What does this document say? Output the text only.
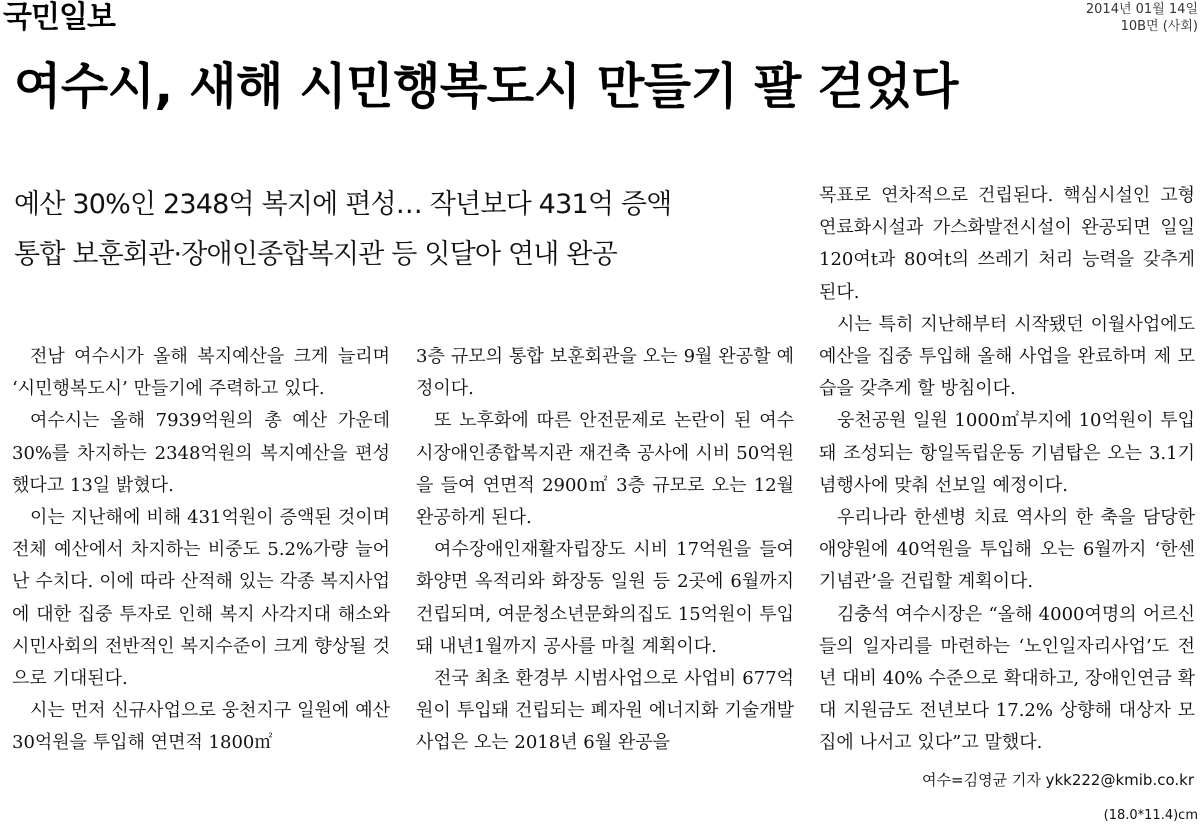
국민일보	2014년 01월 14일
10B면 (사회)
여수시, 새해 시민행복도시 만들기 팔 걷었다
예산 30%인 2348억 복지에 편성… 작년보다 431억 증액
통합 보훈회관·장애인종합복지관 등 잇달아 연내 완공

전남 여수시가 올해 복지예산을 크게 늘리며 ‘시민행복도시’ 만들기에 주력하고 있다.

여수시는 올해 7939억원의 총 예산 가운데 30%를 차지하는 2348억원의 복지예산을 편성했다고 13일 밝혔다.

이는 지난해에 비해 431억원이 증액된 것이며 전체 예산에서 차지하는 비중도 5.2%가량 늘어난 수치다. 이에 따라 산적해 있는 각종 복지사업에 대한 집중 투자로 인해 복지 사각지대 해소와 시민사회의 전반적인 복지수준이 크게 향상될 것으로 기대된다.

시는 먼저 신규사업으로 웅천지구 일원에 예산 30억원을 투입해 연면적 1800㎡

3층 규모의 통합 보훈회관을 오는 9월 완공할 예정이다.

또 노후화에 따른 안전문제로 논란이 된 여수시장애인종합복지관 재건축 공사에 시비 50억원을 들여 연면적 2900㎡ 3층 규모로 오는 12월 완공하게 된다.

여수장애인재활자립장도 시비 17억원을 들여 화양면 옥적리와 화장동 일원 등 2곳에 6월까지 건립되며, 여문청소년문화의집도 15억원이 투입돼 내년1월까지 공사를 마칠 계획이다.

전국 최초 환경부 시범사업으로 사업비 677억원이 투입돼 건립되는 폐자원 에너지화 기술개발사업은 오는 2018년 6월 완공을

목표로 연차적으로 건립된다. 핵심시설인 고형연료화시설과 가스화발전시설이 완공되면 일일 120여t과 80여t의 쓰레기 처리 능력을 갖추게 된다.

시는 특히 지난해부터 시작됐던 이월사업에도 예산을 집중 투입해 올해 사업을 완료하며 제 모습을 갖추게 할 방침이다.

웅천공원 일원 1000㎡부지에 10억원이 투입돼 조성되는 항일독립운동 기념탑은 오는 3.1기념행사에 맞춰 선보일 예정이다.

우리나라 한센병 치료 역사의 한 축을 담당한 애양원에 40억원을 투입해 오는 6월까지 ‘한센기념관’을 건립할 계획이다.

김충석 여수시장은 “올해 4000여명의 어르신들의 일자리를 마련하는 ‘노인일자리사업’도 전년 대비 40% 수준으로 확대하고, 장애인연금 확대 지원금도 전년보다 17.2% 상향해 대상자 모집에 나서고 있다”고 말했다.

여수=김영균 기자 ykk222@kmib.co.kr
(18.0*11.4)cm
